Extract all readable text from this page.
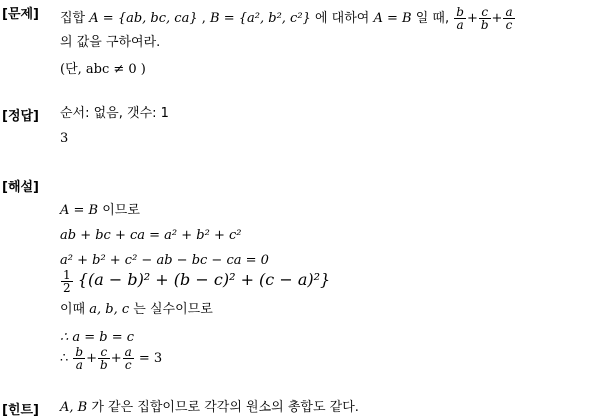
[문제] 집합 A = {ab, bc, ca} , B = {a², b², c²} 에 대하여 A = B 일 때, $\frac{b}{a} + \frac{c}{b} + \frac{a}{c}$
의 값을 구하여라.
(단, abc ≠ 0 )
[정답] 순서: 없음, 갯수: 1
3
[해설]
A = B 이므로
ab + bc + ca = a² + b² + c²
a² + b² + c² − ab − bc − ca = 0
$\frac{1}{2} \{(a - b)^2 + (b - c)^2 + (c - a)^2\}$
이때 a, b, c 는 실수이므로
∴ a = b = c
∴ $\frac{b}{a} + \frac{c}{b} + \frac{a}{c} = 3$
[힌트] A, B 가 같은 집합이므로 각각의 원소의 총합도 같다.
